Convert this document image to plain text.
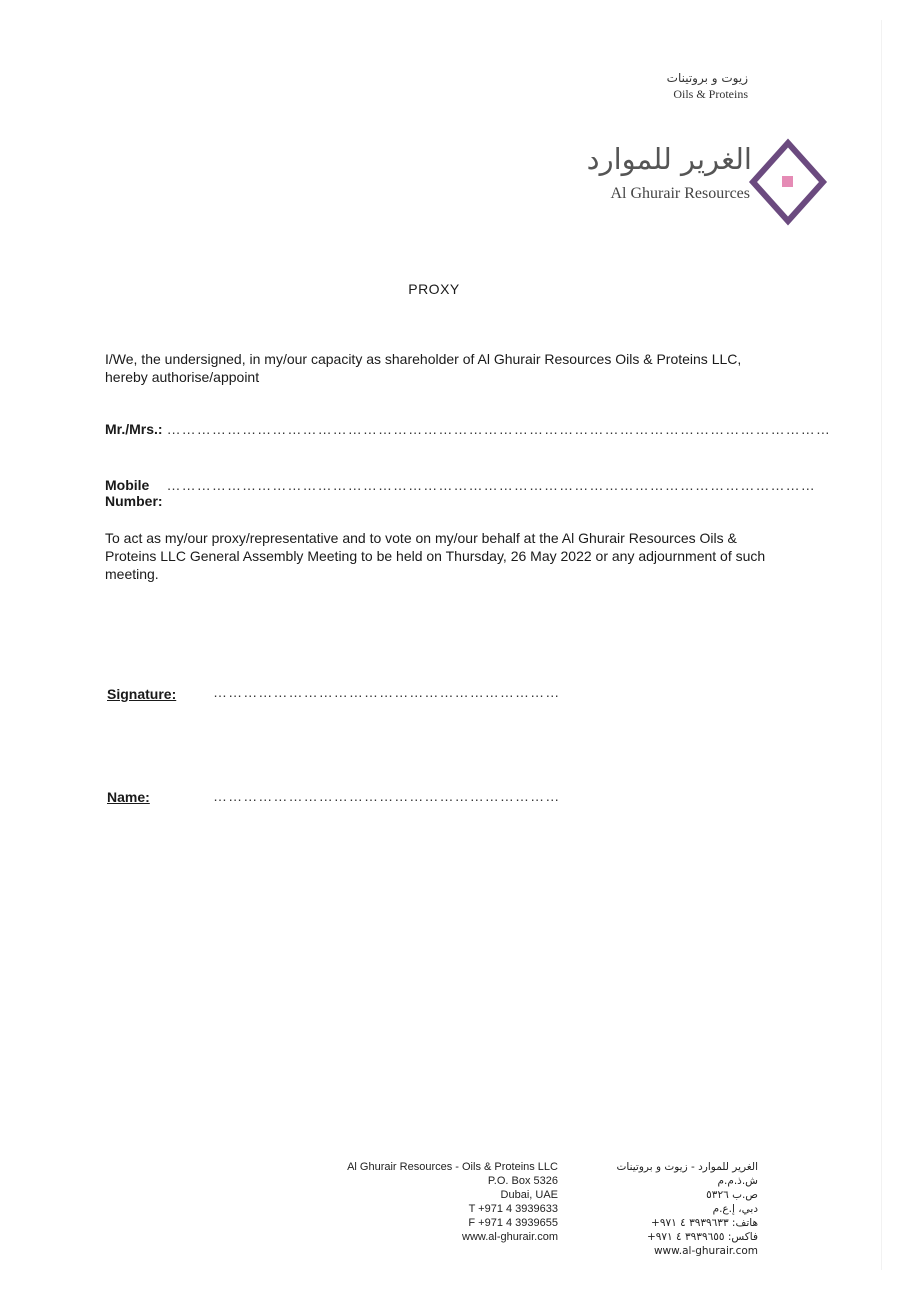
زيوت و بروتينات
Oils & Proteins
الغرير للموارد
Al Ghurair Resources
PROXY
I/We, the undersigned, in my/our capacity as shareholder of Al Ghurair Resources Oils & Proteins LLC, hereby authorise/appoint
Mr./Mrs.: ……………………………………………………………………………………………………………………
Mobile Number:
…………………………………………………………………………………………………………………
To act as my/our proxy/representative and to vote on my/our behalf at the Al Ghurair Resources Oils & Proteins LLC General Assembly Meeting to be held on Thursday, 26 May 2022 or any adjournment of such meeting.
Signature:	……………………………………………………………
Name:	……………………………………………………………
Al Ghurair Resources - Oils & Proteins LLC
P.O. Box 5326
Dubai, UAE
T +971 4 3939633
F +971 4 3939655
www.al-ghurair.com
الغرير للموارد - زيوت و بروتينات ش.ذ.م.م
ص.ب ٥٣٢٦
دبي، إ.ع.م
هاتف: ٣٩٣٩٦٣٣ ٤ ٩٧١+
فاكس: ٣٩٣٩٦٥٥ ٤ ٩٧١+
www.al-ghurair.com
